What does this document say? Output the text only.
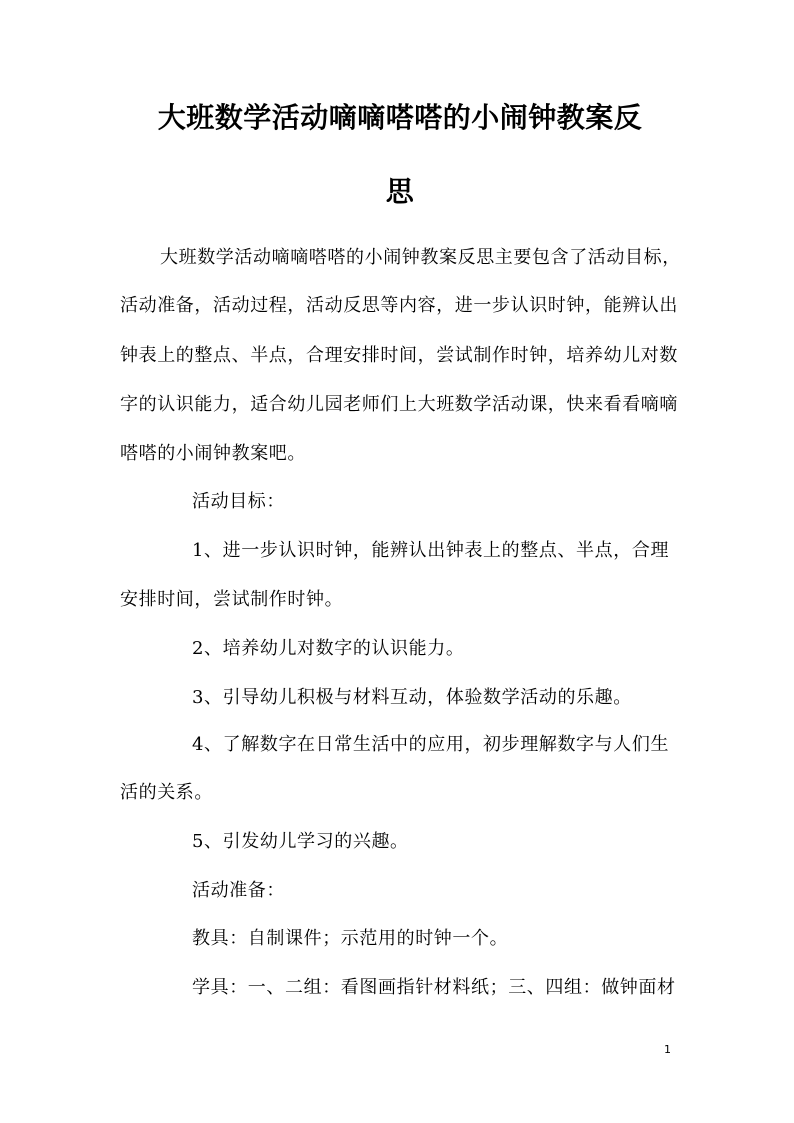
大班数学活动嘀嘀嗒嗒的小闹钟教案反
思
大班数学活动嘀嘀嗒嗒的小闹钟教案反思主要包含了活动目标，
活动准备，活动过程，活动反思等内容，进一步认识时钟，能辨认出
钟表上的整点、半点，合理安排时间，尝试制作时钟，培养幼儿对数
字的认识能力，适合幼儿园老师们上大班数学活动课，快来看看嘀嘀
嗒嗒的小闹钟教案吧。
活动目标：
1、进一步认识时钟，能辨认出钟表上的整点、半点，合理
安排时间，尝试制作时钟。
2、培养幼儿对数字的认识能力。
3、引导幼儿积极与材料互动，体验数学活动的乐趣。
4、了解数字在日常生活中的应用，初步理解数字与人们生
活的关系。
5、引发幼儿学习的兴趣。
活动准备：
教具：自制课件；示范用的时钟一个。
学具：一、二组：看图画指针材料纸；三、四组：做钟面材
1
